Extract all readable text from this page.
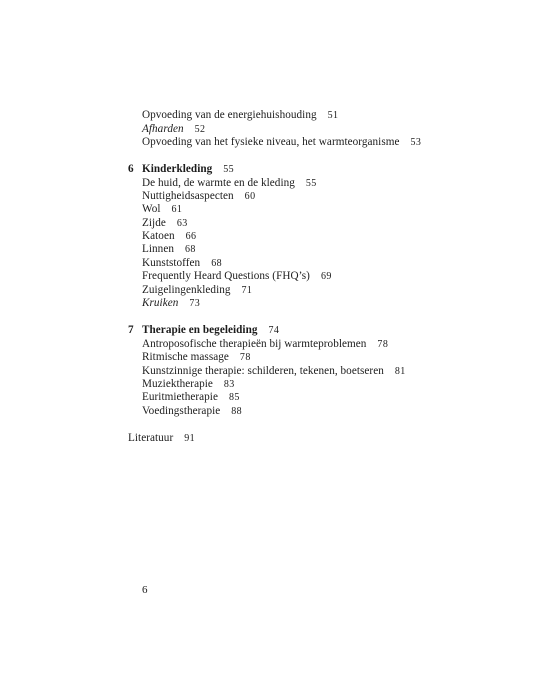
Opvoeding van de energiehuishouding 51
Afharden 52
Opvoeding van het fysieke niveau, het warmteorganisme 53
6 Kinderkleding 55
De huid, de warmte en de kleding 55
Nuttigheidsaspecten 60
Wol 61
Zijde 63
Katoen 66
Linnen 68
Kunststoffen 68
Frequently Heard Questions (FHQ’s) 69
Zuigelingenkleding 71
Kruiken 73
7 Therapie en begeleiding 74
Antroposofische therapieën bij warmteproblemen 78
Ritmische massage 78
Kunstzinnige therapie: schilderen, tekenen, boetseren 81
Muziektherapie 83
Euritmietherapie 85
Voedingstherapie 88
Literatuur 91
6
